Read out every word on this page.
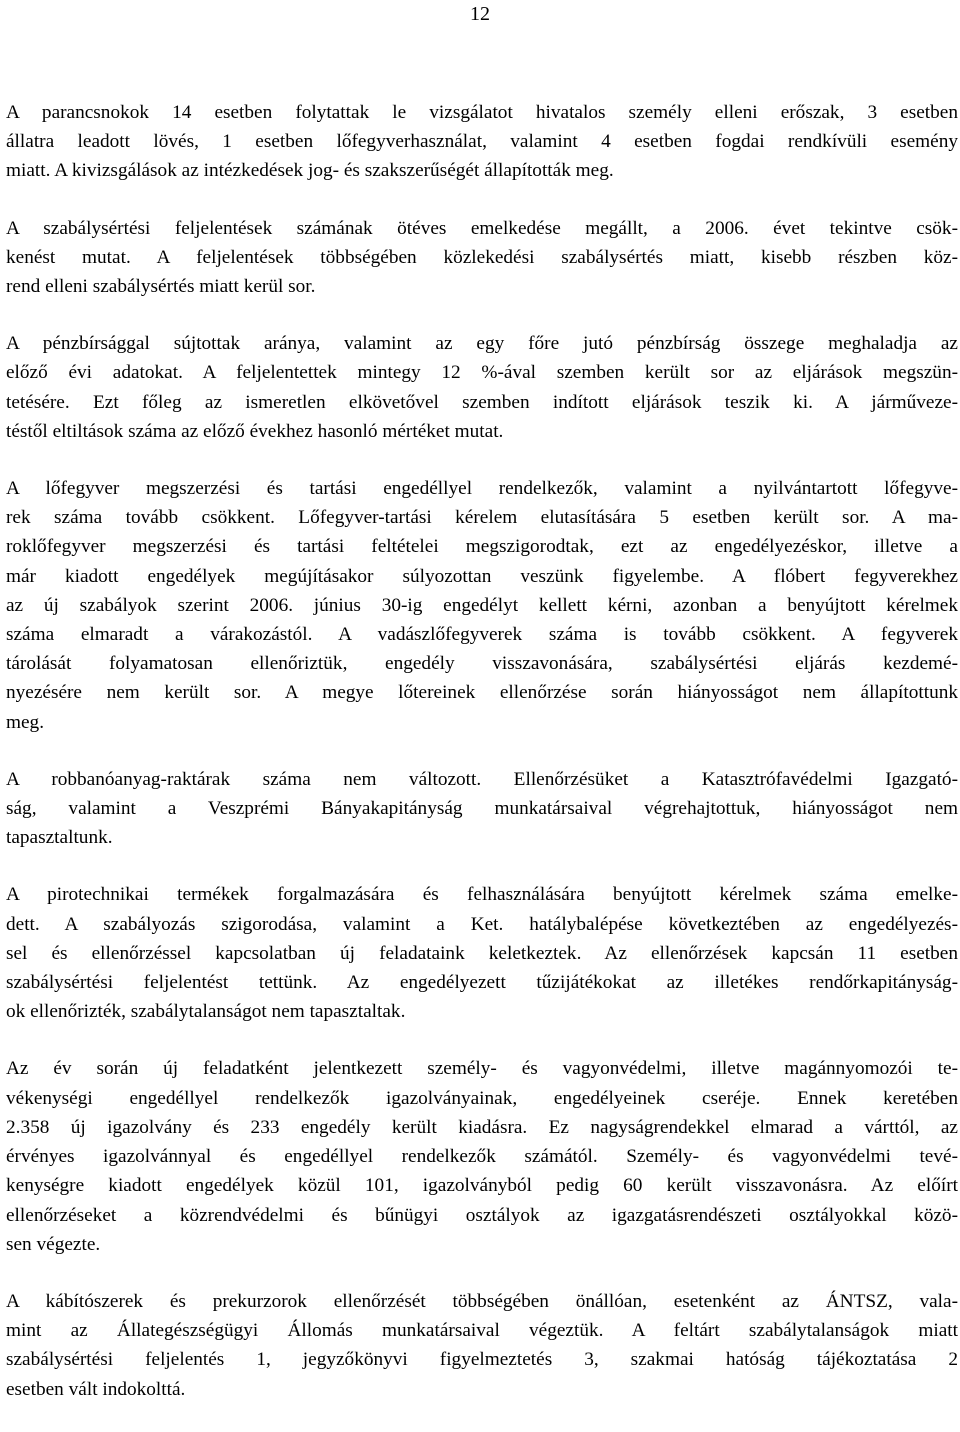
12

A parancsnokok 14 esetben folytattak le vizsgálatot hivatalos személy elleni erőszak, 3 esetben
állatra leadott lövés, 1 esetben lőfegyverhasználat, valamint 4 esetben fogdai rendkívüli esemény
miatt. A kivizsgálások az intézkedések jog- és szakszerűségét állapították meg.

A szabálysértési feljelentések számának ötéves emelkedése megállt, a 2006. évet tekintve csök-
kenést mutat. A feljelentések többségében közlekedési szabálysértés miatt, kisebb részben köz-
rend elleni szabálysértés miatt kerül sor.

A pénzbírsággal sújtottak aránya, valamint az egy főre jutó pénzbírság összege meghaladja az
előző évi adatokat. A feljelentettek mintegy 12 %-ával szemben került sor az eljárások megszün-
tetésére. Ezt főleg az ismeretlen elkövetővel szemben indított eljárások teszik ki. A járművezе-
téstől eltiltások száma az előző évekhez hasonló mértéket mutat.

A lőfegyver megszerzési és tartási engedéllyel rendelkezők, valamint a nyilvántartott lőfegyve-
rek száma tovább csökkent. Lőfegyver-tartási kérelem elutasítására 5 esetben került sor. A ma-
roklőfegyver megszerzési és tartási feltételei megszigorodtak, ezt az engedélyezéskor, illetve a
már kiadott engedélyek megújításakor súlyozottan veszünk figyelembe. A flóbert fegyverekhez
az új szabályok szerint 2006. június 30-ig engedélyt kellett kérni, azonban a benyújtott kérelmek
száma elmaradt a várakozástól. A vadászlőfegyverek száma is tovább csökkent. A fegyverek
tárolását folyamatosan ellenőriztük, engedély visszavonására, szabálysértési eljárás kezdemé-
nyezésére nem került sor. A megye lőtereinek ellenőrzése során hiányosságot nem állapítottunk
meg.

A robbanóanyag-raktárak száma nem változott. Ellenőrzésüket a Katasztrófavédelmi Igazgató-
ság, valamint a Veszprémi Bányakapitányság munkatársaival végrehajtottuk, hiányosságot nem
tapasztaltunk.

A pirotechnikai termékek forgalmazására és felhasználására benyújtott kérelmek száma emelke-
dett. A szabályozás szigorodása, valamint a Ket. hatálybalépése következtében az engedélyezés-
sel és ellenőrzéssel kapcsolatban új feladataink keletkeztek. Az ellenőrzések kapcsán 11 esetben
szabálysértési feljelentést tettünk. Az engedélyezett tűzijátékokat az illetékes rendőrkapitányság-
ok ellenőrizték, szabálytalanságot nem tapasztaltak.

Az év során új feladatként jelentkezett személy- és vagyonvédelmi, illetve magánnyomozói te-
vékenységi engedéllyel rendelkezők igazolványainak, engedélyeinek cseréje. Ennek keretében
2.358 új igazolvány és 233 engedély került kiadásra. Ez nagyságrendekkel elmarad a várttól, az
érvényes igazolvánnyal és engedéllyel rendelkezők számától. Személy- és vagyonvédelmi tevé-
kenységre kiadott engedélyek közül 101, igazolványból pedig 60 került visszavonásra. Az előírt
ellenőrzéseket a közrendvédelmi és bűnügyi osztályok az igazgatásrendészeti osztályokkal közö-
sen végezte.

A kábítószerek és prekurzorok ellenőrzését többségében önállóan, esetenként az ÁNTSZ, vala-
mint az Állategészségügyi Állomás munkatársaival végeztük. A feltárt szabálytalanságok miatt
szabálysértési feljelentés 1, jegyzőkönyvi figyelmeztetés 3, szakmai hatóság tájékoztatása 2
esetben vált indokolttá.
